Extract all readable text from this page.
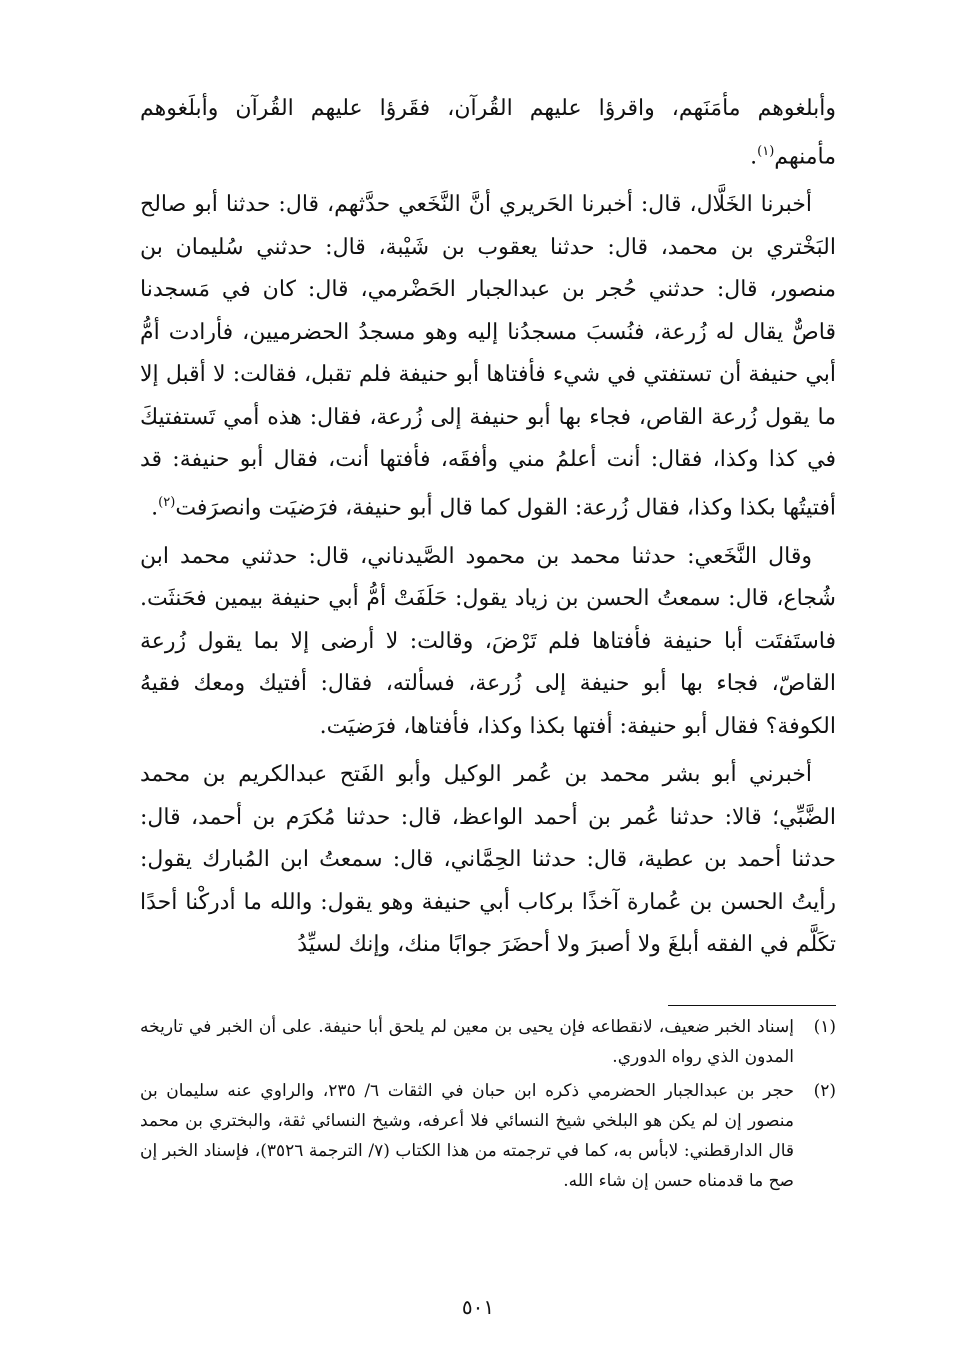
وأبلغوهم مأمَنَهم، واقرؤا عليهم القُرآن، فقَرؤا عليهم القُرآن وأبلَغوهم مأمنهم$^{(١)}$.

أخبرنا الخَلَّال، قال: أخبرنا الحَريري أنَّ النَّخَعي حدَّثهم، قال: حدثنا أبو صالح البَخْتري بن محمد، قال: حدثنا يعقوب بن شَيْبة، قال: حدثني سُليمان بن منصور، قال: حدثني حُجر بن عبدالجبار الحَضْرمي، قال: كان في مَسجدنا قاصٌّ يقال له زُرعة، فنُسبَ مسجدُنا إليه وهو مسجدُ الحضرميين، فأرادت أمُّ أبي حنيفة أن تستفتي في شيء فأفتاها أبو حنيفة فلم تقبل، فقالت: لا أقبل إلا ما يقول زُرعة القاص، فجاء بها أبو حنيفة إلى زُرعة، فقال: هذه أمي تَستفتيكَ في كذا وكذا، فقال: أنت أعلمُ مني وأفقَه، فأفتها أنت، فقال أبو حنيفة: قد أفتيتُها بكذا وكذا، فقال زُرعة: القول كما قال أبو حنيفة، فرَضيَت وانصرَفت$^{(٢)}$.

وقال النَّخَعي: حدثنا محمد بن محمود الصَّيدناني، قال: حدثني محمد ابن شُجاع، قال: سمعتُ الحسن بن زياد يقول: حَلَفَتْ أمُّ أبي حنيفة بيمين فحَنثَت. فاستَفتَت أبا حنيفة فأفتاها فلم تَرْضَ، وقالت: لا أرضى إلا بما يقول زُرعة القاصّ، فجاء بها أبو حنيفة إلى زُرعة، فسألته، فقال: أفتيك ومعك فقيهُ الكوفة؟ فقال أبو حنيفة: أفتها بكذا وكذا، فأفتاها، فرَضيَت.

أخبرني أبو بشر محمد بن عُمر الوكيل وأبو الفَتح عبدالكريم بن محمد الضَّبِّي؛ قالا: حدثنا عُمر بن أحمد الواعظ، قال: حدثنا مُكرَم بن أحمد، قال: حدثنا أحمد بن عطية، قال: حدثنا الحِمَّاني، قال: سمعتُ ابن المُبارك يقول: رأيتُ الحسن بن عُمارة آخذًا بركاب أبي حنيفة وهو يقول: والله ما أدركْنا أحدًا تكَلَّم في الفقه أبلغَ ولا أصبرَ ولا أحضَرَ جوابًا منك، وإنك لسيِّدُ

(١)
إسناد الخبر ضعيف، لانقطاعه فإن يحيى بن معين لم يلحق أبا حنيفة. على أن الخبر في تاريخه المدون الذي رواه الدوري.
(٢)
حجر بن عبدالجبار الحضرمي ذكره ابن حبان في الثقات ٦/ ٢٣٥، والراوي عنه سليمان بن منصور إن لم يكن هو البلخي شيخ النسائي فلا أعرفه، وشيخ النسائي ثقة، والبختري بن محمد قال الدارقطني: لابأس به، كما في ترجمته من هذا الكتاب (٧/ الترجمة ٣٥٢٦)، فإسناد الخبر إن صح ما قدمناه حسن إن شاء الله.
٥٠١
